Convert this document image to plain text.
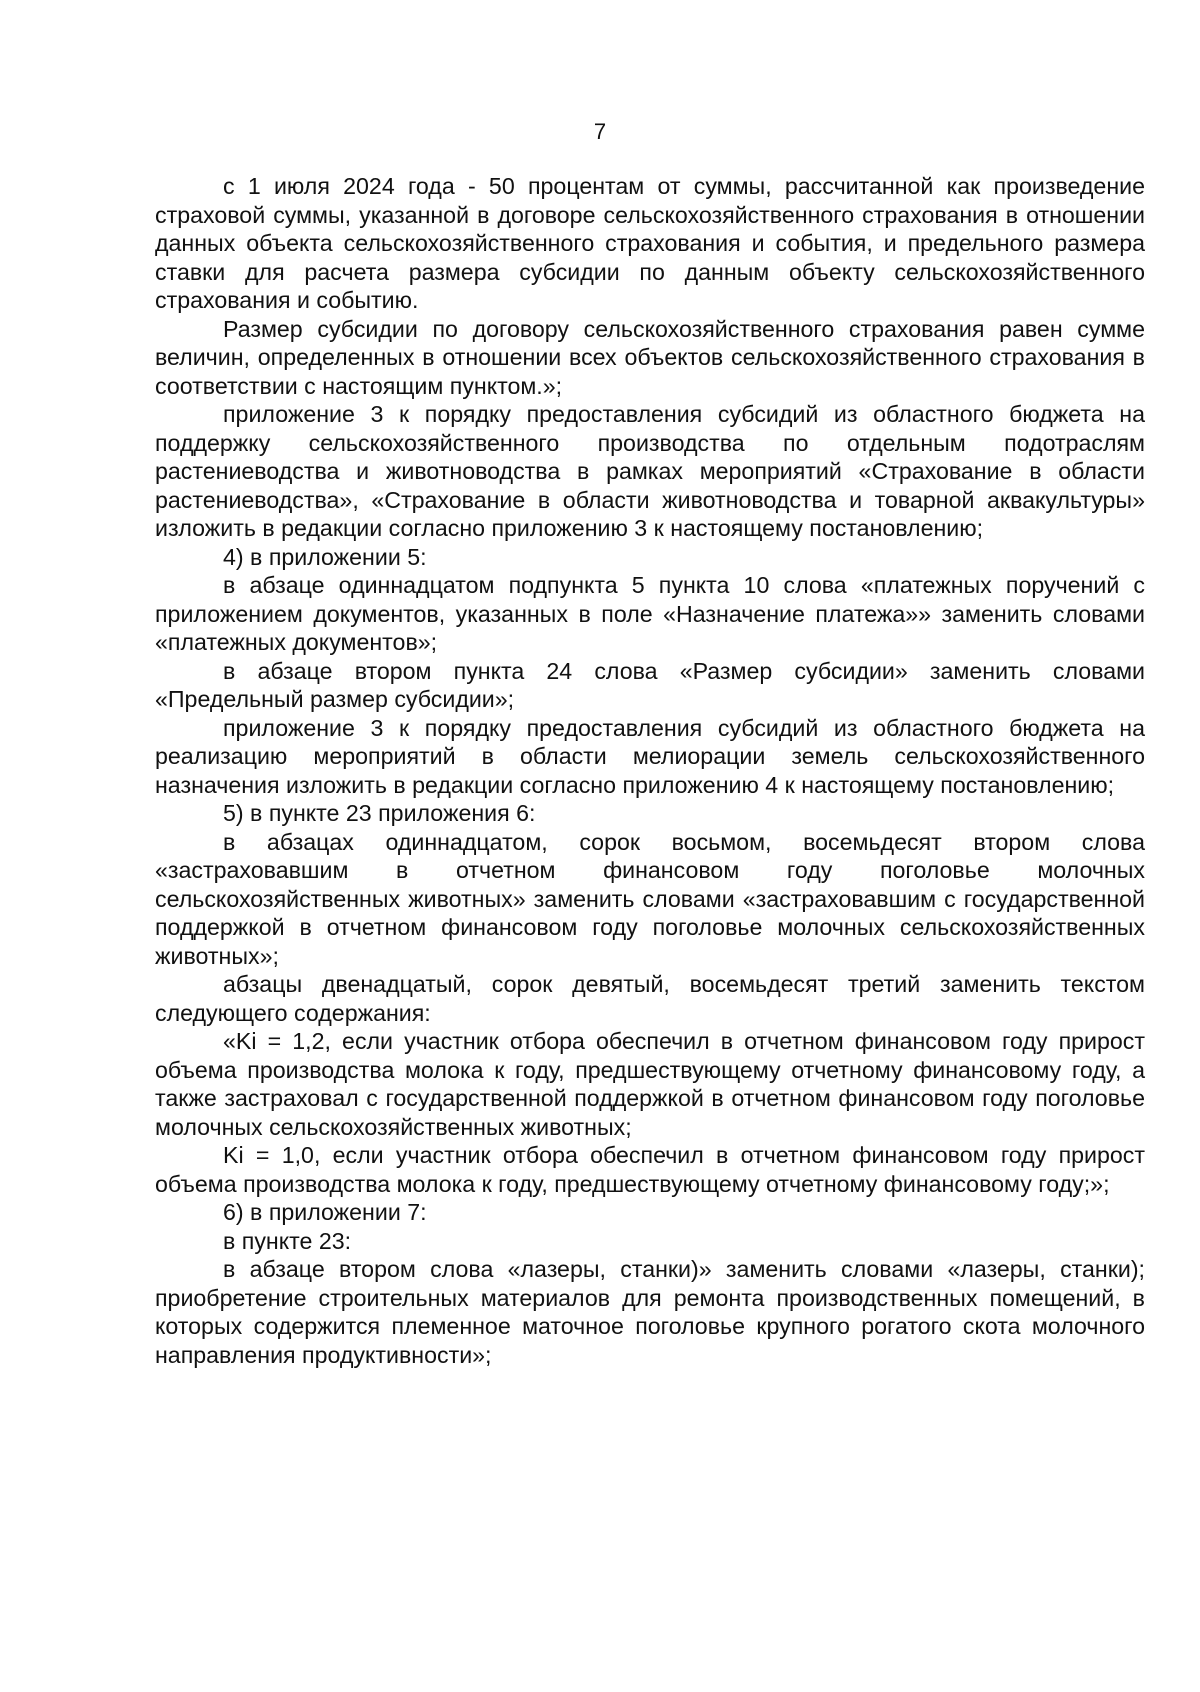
7

с 1 июля 2024 года - 50 процентам от суммы, рассчитанной как произведение страховой суммы, указанной в договоре сельскохозяйственного страхования в отношении данных объекта сельскохозяйственного страхования и события, и предельного размера ставки для расчета размера субсидии по данным объекту сельскохозяйственного страхования и событию.

Размер субсидии по договору сельскохозяйственного страхования равен сумме величин, определенных в отношении всех объектов сельскохозяйственного страхования в соответствии с настоящим пунктом.»;

приложение 3 к порядку предоставления субсидий из областного бюджета на поддержку сельскохозяйственного производства по отдельным подотраслям растениеводства и животноводства в рамках мероприятий «Страхование в области растениеводства», «Страхование в области животноводства и товарной аквакультуры» изложить в редакции согласно приложению 3 к настоящему постановлению;

4) в приложении 5:

в абзаце одиннадцатом подпункта 5 пункта 10 слова «платежных поручений с приложением документов, указанных в поле «Назначение платежа»» заменить словами «платежных документов»;

в абзаце втором пункта 24 слова «Размер субсидии» заменить словами «Предельный размер субсидии»;

приложение 3 к порядку предоставления субсидий из областного бюджета на реализацию мероприятий в области мелиорации земель сельскохозяйственного назначения изложить в редакции согласно приложению 4 к настоящему постановлению;

5) в пункте 23 приложения 6:

в абзацах одиннадцатом, сорок восьмом, восемьдесят втором слова «застраховавшим в отчетном финансовом году поголовье молочных сельскохозяйственных животных» заменить словами «застраховавшим с государственной поддержкой в отчетном финансовом году поголовье молочных сельскохозяйственных животных»;

абзацы двенадцатый, сорок девятый, восемьдесят третий заменить текстом следующего содержания:

«Ki = 1,2, если участник отбора обеспечил в отчетном финансовом году прирост объема производства молока к году, предшествующему отчетному финансовому году, а также застраховал с государственной поддержкой в отчетном финансовом году поголовье молочных сельскохозяйственных животных;

Ki = 1,0, если участник отбора обеспечил в отчетном финансовом году прирост объема производства молока к году, предшествующему отчетному финансовому году;»;

6) в приложении 7:

в пункте 23:

в абзаце втором слова «лазеры, станки)» заменить словами «лазеры, станки); приобретение строительных материалов для ремонта производственных помещений, в которых содержится племенное маточное поголовье крупного рогатого скота молочного направления продуктивности»;
